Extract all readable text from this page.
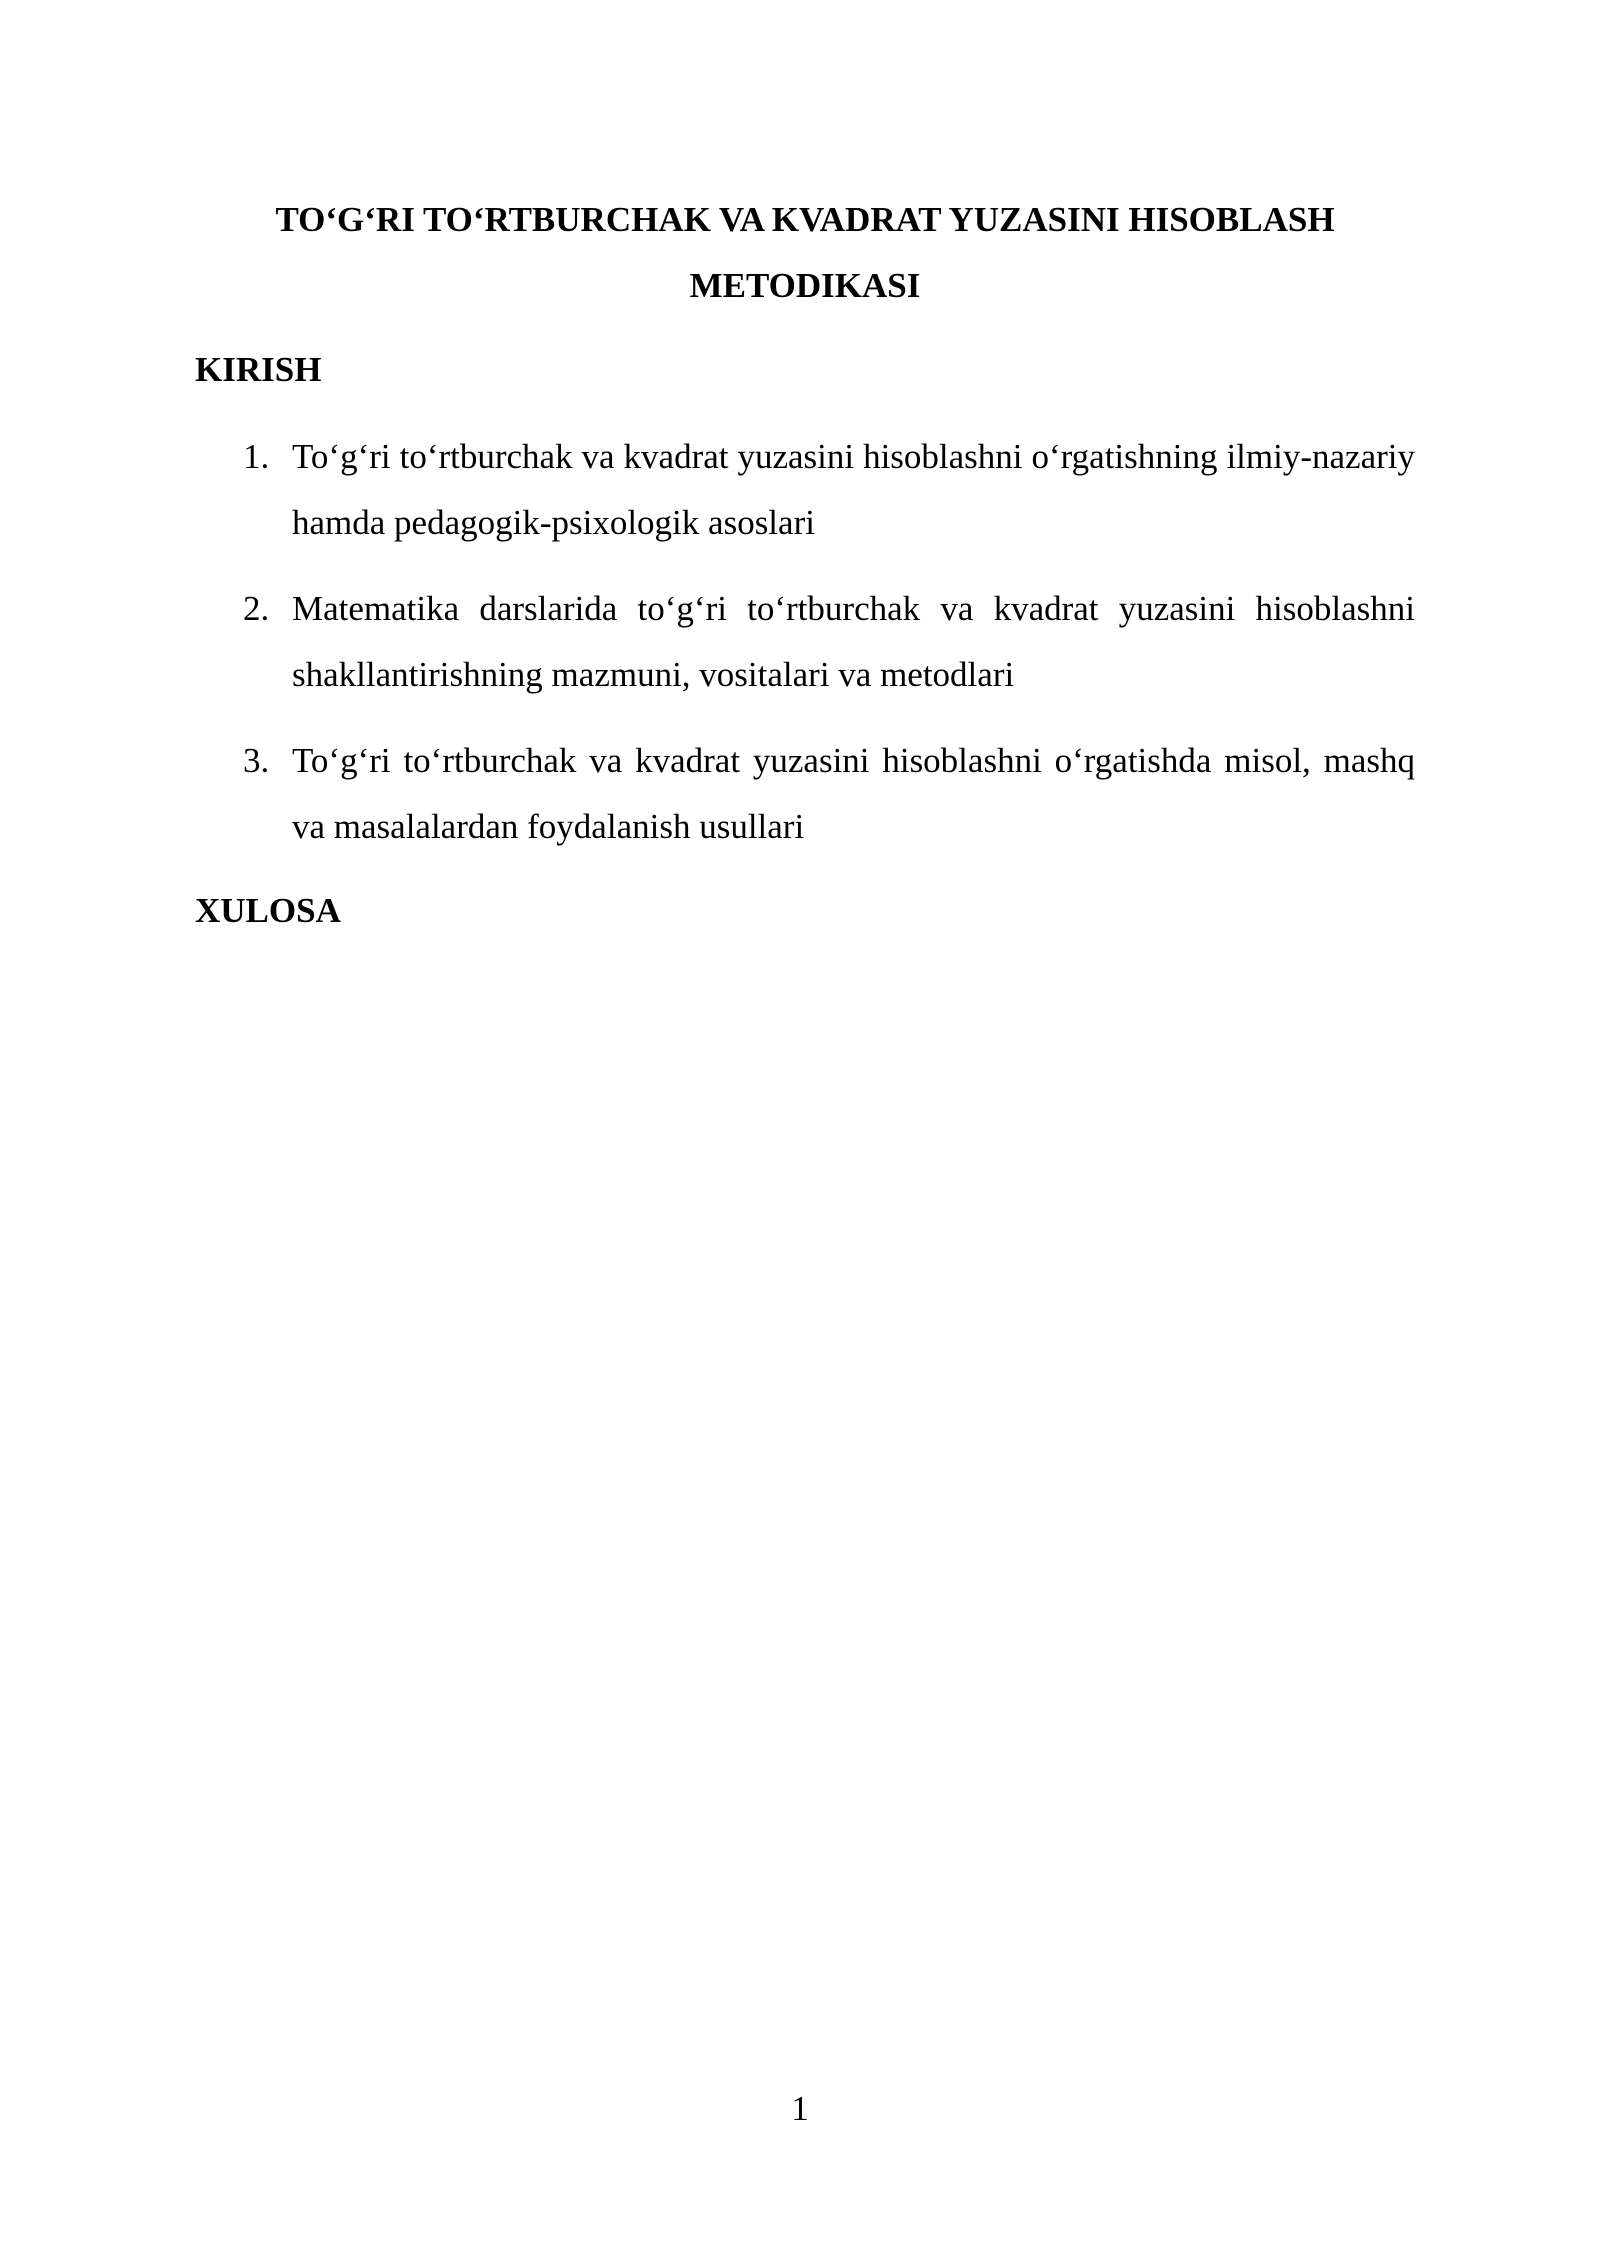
TO‘G‘RI TO‘RTBURCHAK VA KVADRAT YUZASINI HISOBLASH METODIKASI
KIRISH
1. To‘g‘ri to‘rtburchak va kvadrat yuzasini hisoblashni o‘rgatishning ilmiy-nazariy hamda pedagogik-psixologik asoslari
2. Matematika darslarida to‘g‘ri to‘rtburchak va kvadrat yuzasini hisoblashni shakllantirishning mazmuni, vositalari va metodlari
3. To‘g‘ri to‘rtburchak va kvadrat yuzasini hisoblashni o‘rgatishda misol, mashq va masalalardan foydalanish usullari
XULOSA
1
